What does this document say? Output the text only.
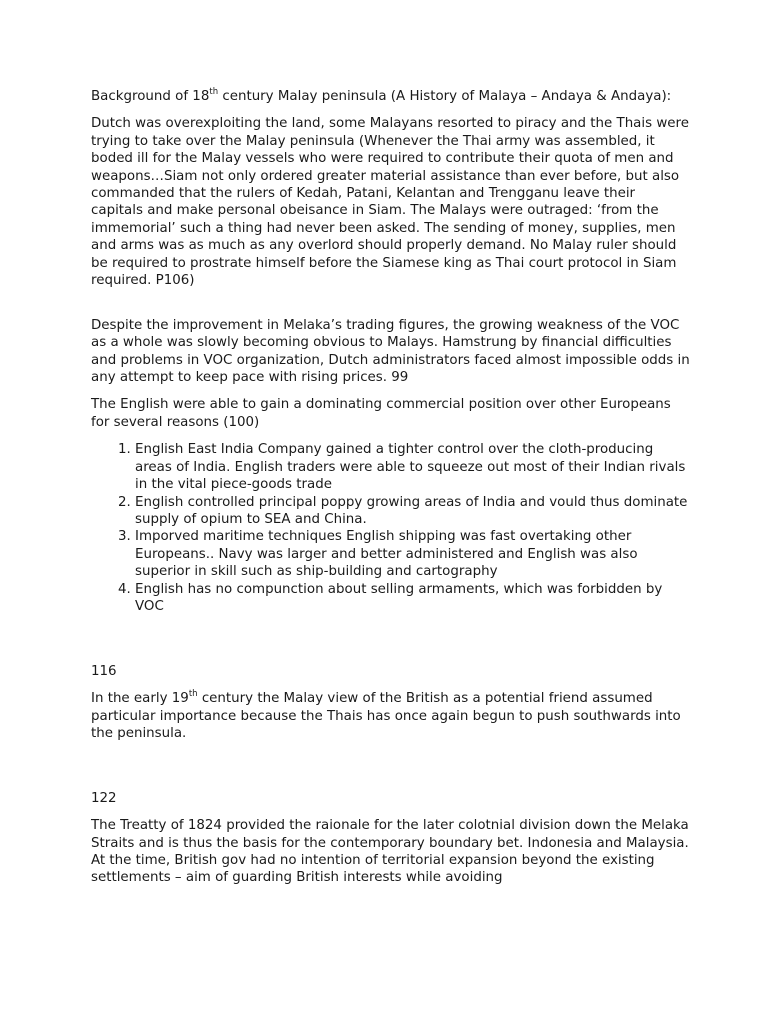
Background of 18th century Malay peninsula (A History of Malaya – Andaya & Andaya):

Dutch was overexploiting the land, some Malayans resorted to piracy and the Thais were trying to take over the Malay peninsula (Whenever the Thai army was assembled, it boded ill for the Malay vessels who were required to contribute their quota of men and weapons…Siam not only ordered greater material assistance than ever before, but also commanded that the rulers of Kedah, Patani, Kelantan and Trengganu leave their capitals and make personal obeisance in Siam. The Malays were outraged: ‘from the immemorial’ such a thing had never been asked. The sending of money, supplies, men and arms was as much as any overlord should properly demand. No Malay ruler should be required to prostrate himself before the Siamese king as Thai court protocol in Siam required. P106)

Despite the improvement in Melaka’s trading figures, the growing weakness of the VOC as a whole was slowly becoming obvious to Malays. Hamstrung by financial difficulties and problems in VOC organization, Dutch administrators faced almost impossible odds in any attempt to keep pace with rising prices. 99

The English were able to gain a dominating commercial position over other Europeans for several reasons (100)

1. English East India Company gained a tighter control over the cloth-producing areas of India. English traders were able to squeeze out most of their Indian rivals in the vital piece-goods trade
2. English controlled principal poppy growing areas of India and vould thus dominate supply of opium to SEA and China.
3. Imporved maritime techniques English shipping was fast overtaking other Europeans.. Navy was larger and better administered and English was also superior in skill such as ship-building and cartography
4. English has no compunction about selling armaments, which was forbidden by VOC

116

In the early 19th century the Malay view of the British as a potential friend assumed particular importance because the Thais has once again begun to push southwards into the peninsula.

122

The Treatty of 1824 provided the raionale for the later colotnial division down the Melaka Straits and is thus the basis for the contemporary boundary bet. Indonesia and Malaysia. At the time, British gov had no intention of territorial expansion beyond the existing settlements – aim of guarding British interests while avoiding
